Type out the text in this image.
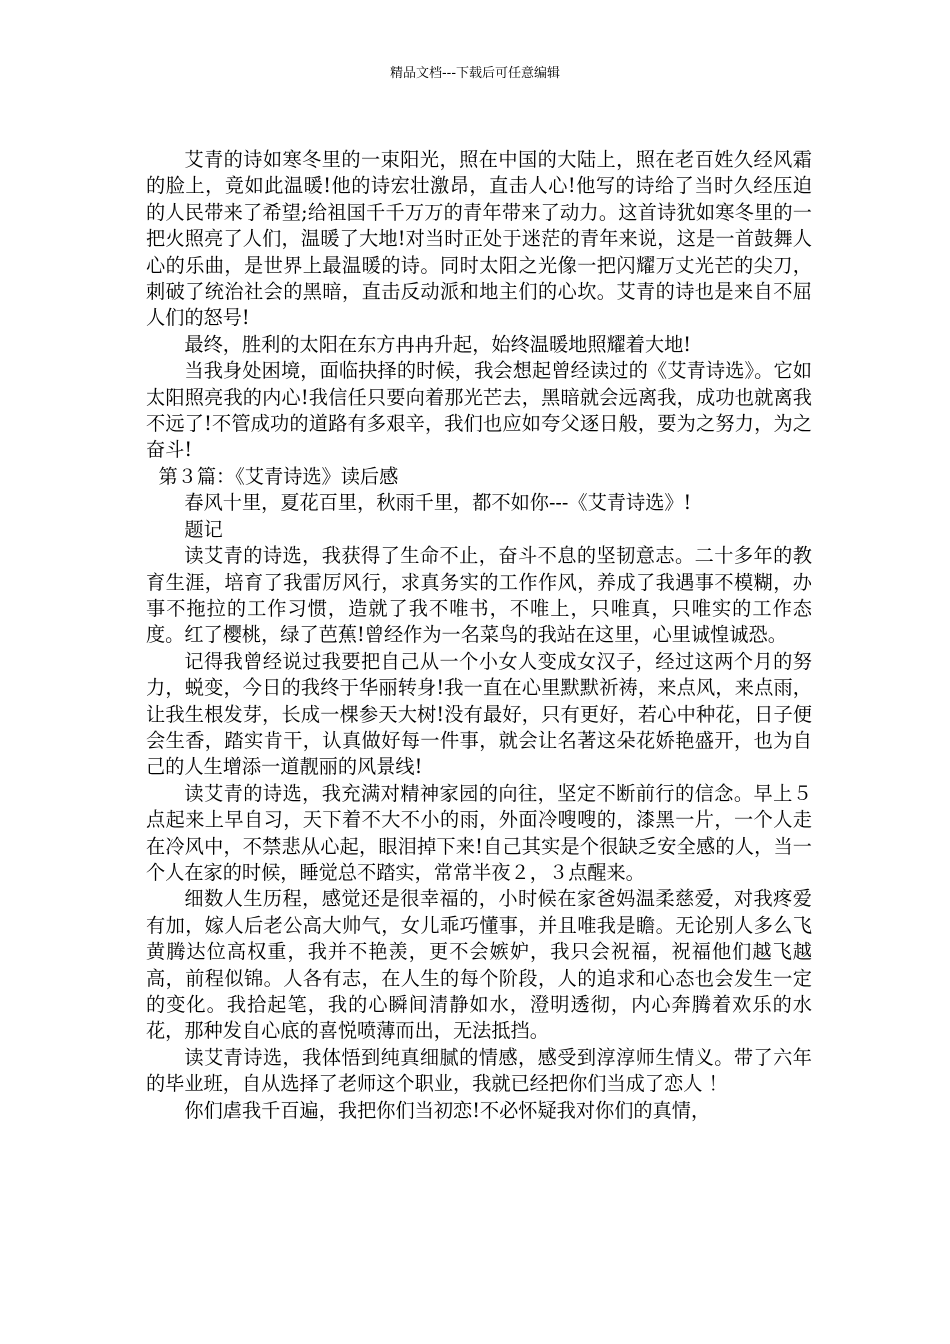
精品文档---下载后可任意编辑

艾青的诗如寒冬里的一束阳光，照在中国的大陆上，照在老百姓久经风霜的脸上，竟如此温暖!他的诗宏壮激昂，直击人心!他写的诗给了当时久经压迫的人民带来了希望;给祖国千千万万的青年带来了动力。这首诗犹如寒冬里的一把火照亮了人们，温暖了大地!对当时正处于迷茫的青年来说，这是一首鼓舞人心的乐曲，是世界上最温暖的诗。同时太阳之光像一把闪耀万丈光芒的尖刀，刺破了统治社会的黑暗，直击反动派和地主们的心坎。艾青的诗也是来自不屈人们的怒号!

最终，胜利的太阳在东方冉冉升起，始终温暖地照耀着大地!

当我身处困境，面临抉择的时候，我会想起曾经读过的《艾青诗选》。它如太阳照亮我的内心!我信任只要向着那光芒去，黑暗就会远离我，成功也就离我不远了!不管成功的道路有多艰辛，我们也应如夸父逐日般，要为之努力，为之奋斗!

第３篇：《艾青诗选》读后感

春风十里，夏花百里，秋雨千里，都不如你---《艾青诗选》!

题记

读艾青的诗选，我获得了生命不止，奋斗不息的坚韧意志。二十多年的教育生涯，培育了我雷厉风行，求真务实的工作作风，养成了我遇事不模糊，办事不拖拉的工作习惯，造就了我不唯书，不唯上，只唯真，只唯实的工作态度。红了樱桃，绿了芭蕉!曾经作为一名菜鸟的我站在这里，心里诚惶诚恐。

记得我曾经说过我要把自己从一个小女人变成女汉子，经过这两个月的努力，蜕变，今日的我终于华丽转身!我一直在心里默默祈祷，来点风，来点雨，让我生根发芽，长成一棵参天大树!没有最好，只有更好，若心中种花，日子便会生香，踏实肯干，认真做好每一件事，就会让名著这朵花娇艳盛开，也为自己的人生增添一道靓丽的风景线!

读艾青的诗选，我充满对精神家园的向往，坚定不断前行的信念。早上５点起来上早自习，天下着不大不小的雨，外面冷嗖嗖的，漆黑一片，一个人走在冷风中，不禁悲从心起，眼泪掉下来!自己其实是个很缺乏安全感的人，当一个人在家的时候，睡觉总不踏实，常常半夜２，３点醒来。

细数人生历程，感觉还是很幸福的，小时候在家爸妈温柔慈爱，对我疼爱有加，嫁人后老公高大帅气，女儿乖巧懂事，并且唯我是瞻。无论别人多么飞黄腾达位高权重，我并不艳羡，更不会嫉妒，我只会祝福，祝福他们越飞越高，前程似锦。人各有志，在人生的每个阶段，人的追求和心态也会发生一定的变化。我拾起笔，我的心瞬间清静如水，澄明透彻，内心奔腾着欢乐的水花，那种发自心底的喜悦喷薄而出，无法抵挡。

读艾青诗选，我体悟到纯真细腻的情感，感受到淳淳师生情义。带了六年的毕业班，自从选择了老师这个职业，我就已经把你们当成了恋人 ！

你们虐我千百遍，我把你们当初恋!不必怀疑我对你们的真情，
